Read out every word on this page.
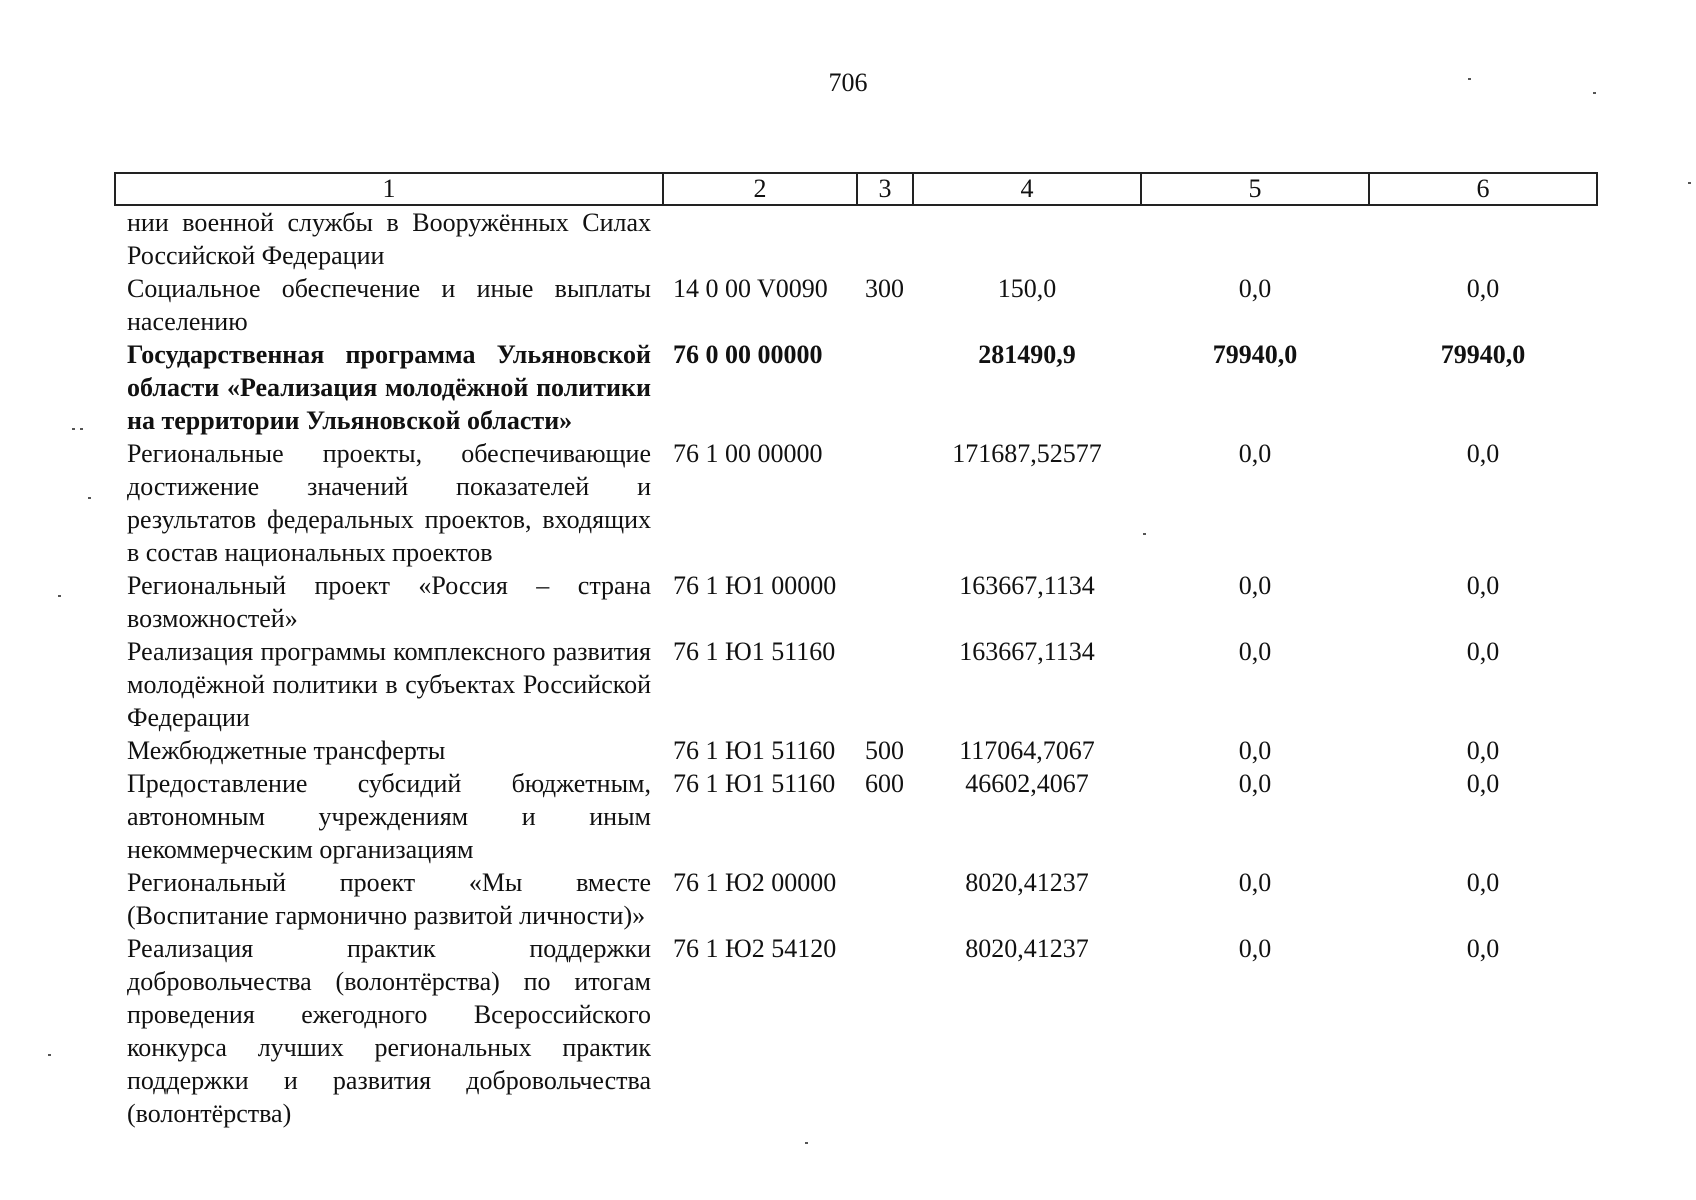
706
1	2	3	4	5	6
нии военной службы в Вооружённых Силах Российской Федерации					
Социальное обеспечение и иные выплаты населению	14 0 00 V0090	300	150,0	0,0	0,0
Государственная программа Ульяновской области «Реализация молодёжной политики на территории Ульяновской области»	76 0 00 00000		281490,9	79940,0	79940,0
Региональные проекты, обеспечивающие достижение значений показателей и результатов федеральных проектов, входящих в состав национальных проектов	76 1 00 00000		171687,52577	0,0	0,0
Региональный проект «Россия – страна возможностей»	76 1 Ю1 00000		163667,1134	0,0	0,0
Реализация программы комплексного развития молодёжной политики в субъектах Российской Федерации	76 1 Ю1 51160		163667,1134	0,0	0,0
Межбюджетные трансферты	76 1 Ю1 51160	500	117064,7067	0,0	0,0
Предоставление субсидий бюджетным, автономным учреждениям и иным некоммерческим организациям	76 1 Ю1 51160	600	46602,4067	0,0	0,0
Региональный проект «Мы вместе (Воспитание гармонично развитой личности)»	76 1 Ю2 00000		8020,41237	0,0	0,0
Реализация практик поддержки добровольчества (волонтёрства) по итогам проведения ежегодного Всероссийского конкурса лучших региональных практик поддержки и развития добровольчества (волонтёрства)	76 1 Ю2 54120		8020,41237	0,0	0,0
